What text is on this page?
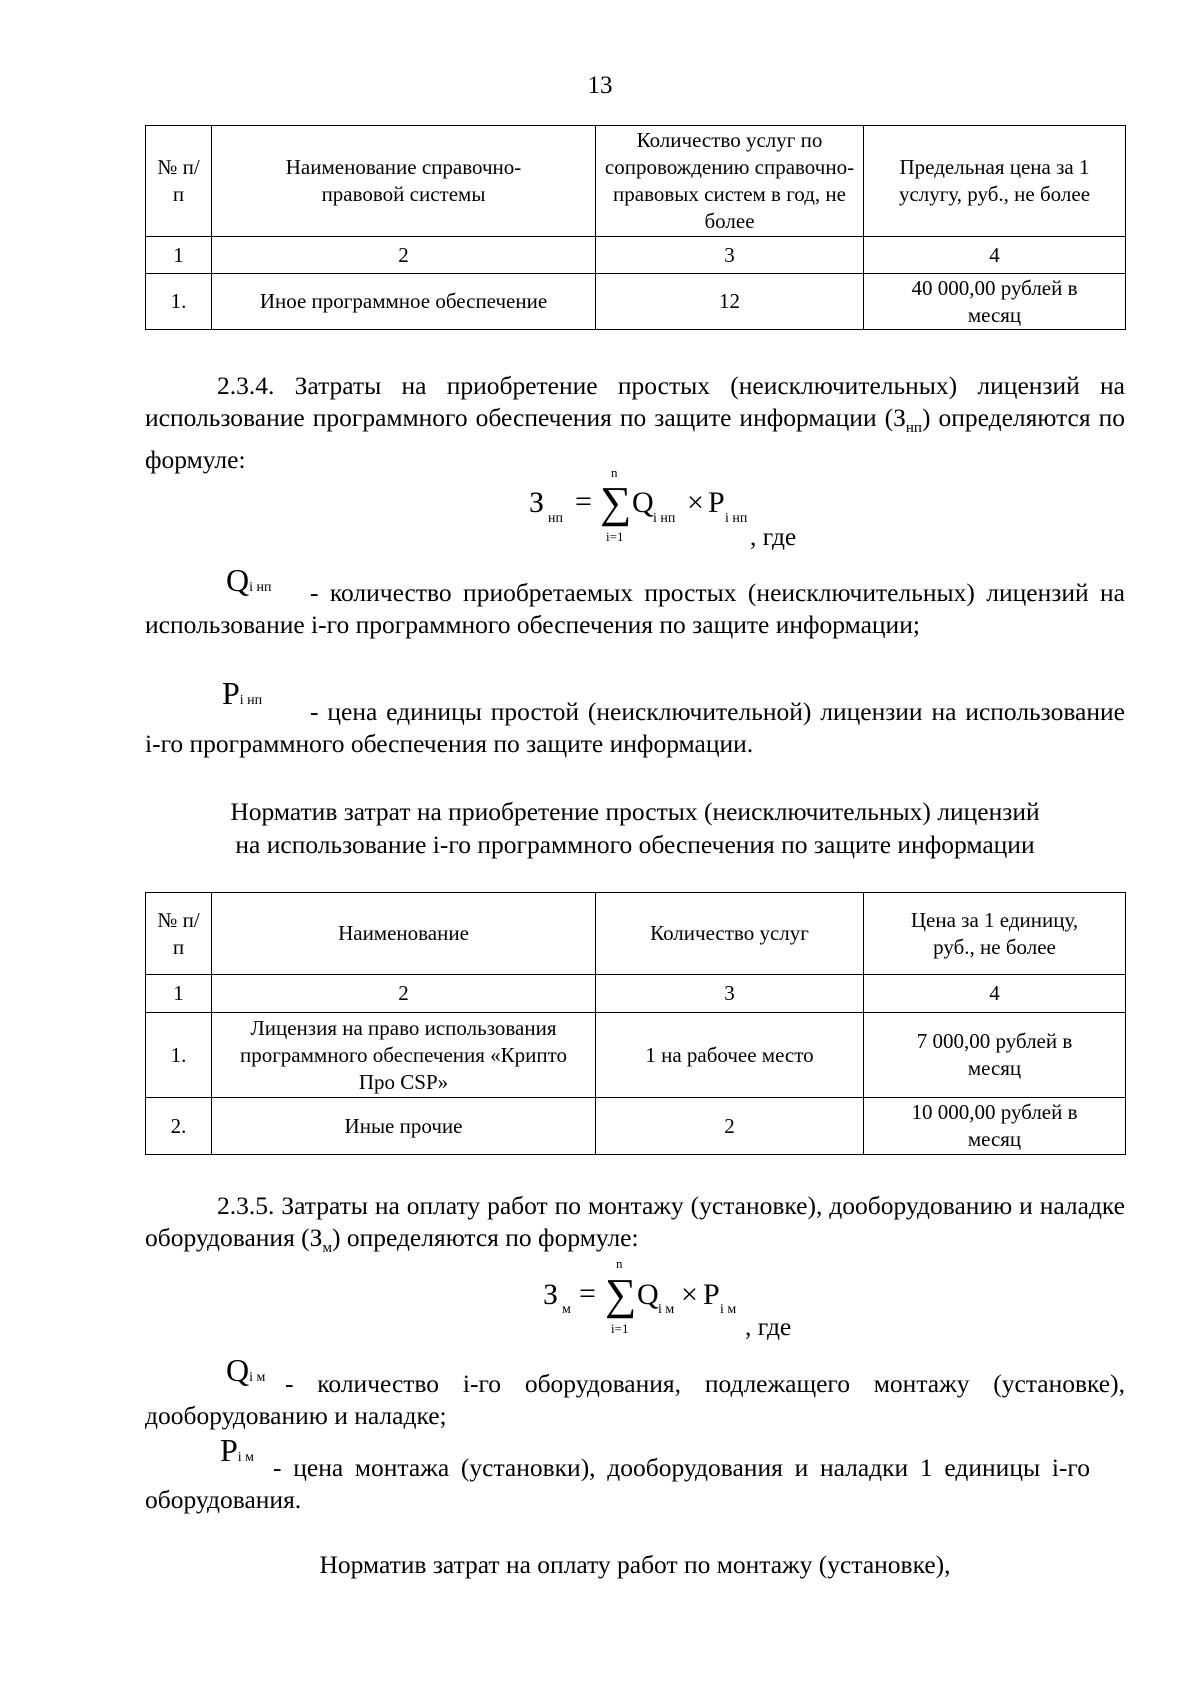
13
№ п/п	Наименование справочно-правовой системы	Количество услуг по сопровождению справочно-правовых систем в год, не более	Предельная цена за 1 услугу, руб., не более
1	2	3	4
1.	Иное программное обеспечение	12	40 000,00 рублей в месяц
2.3.4. Затраты на приобретение простых (неисключительных) лицензий на использование программного обеспечения по защите информации $(З_{нп})$ определяются по формуле:
З нп
=
n
∑
i=1
Q i нп × P i нп
, где
Qi нп	- количество приобретаемых простых (неисключительных) лицензий на использование i-го программного обеспечения по защите информации;
Pi нп	- цена единицы простой (неисключительной) лицензии на использование i-го программного обеспечения по защите информации.
Норматив затрат на приобретение простых (неисключительных) лицензий
на использование i-го программного обеспечения по защите информации
№ п/п	Наименование	Количество услуг	Цена за 1 единицу, руб., не более
1	2	3	4
1.	Лицензия на право использования программного обеспечения «Крипто Про CSP»	1 на рабочее место	7 000,00 рублей в месяц
2.	Иные прочие	2	10 000,00 рублей в месяц
2.3.5. Затраты на оплату работ по монтажу (установке), дооборудованию и наладке оборудования $(З_м)$ определяются по формуле:
З м =
n
∑
i=1
Q i м × P i м
, где
Qi м - количество i-го оборудования, подлежащего монтажу (установке), дооборудованию и наладке;
Pi м - цена монтажа (установки), дооборудования и наладки 1 единицы i-го оборудования.
Норматив затрат на оплату работ по монтажу (установке),
